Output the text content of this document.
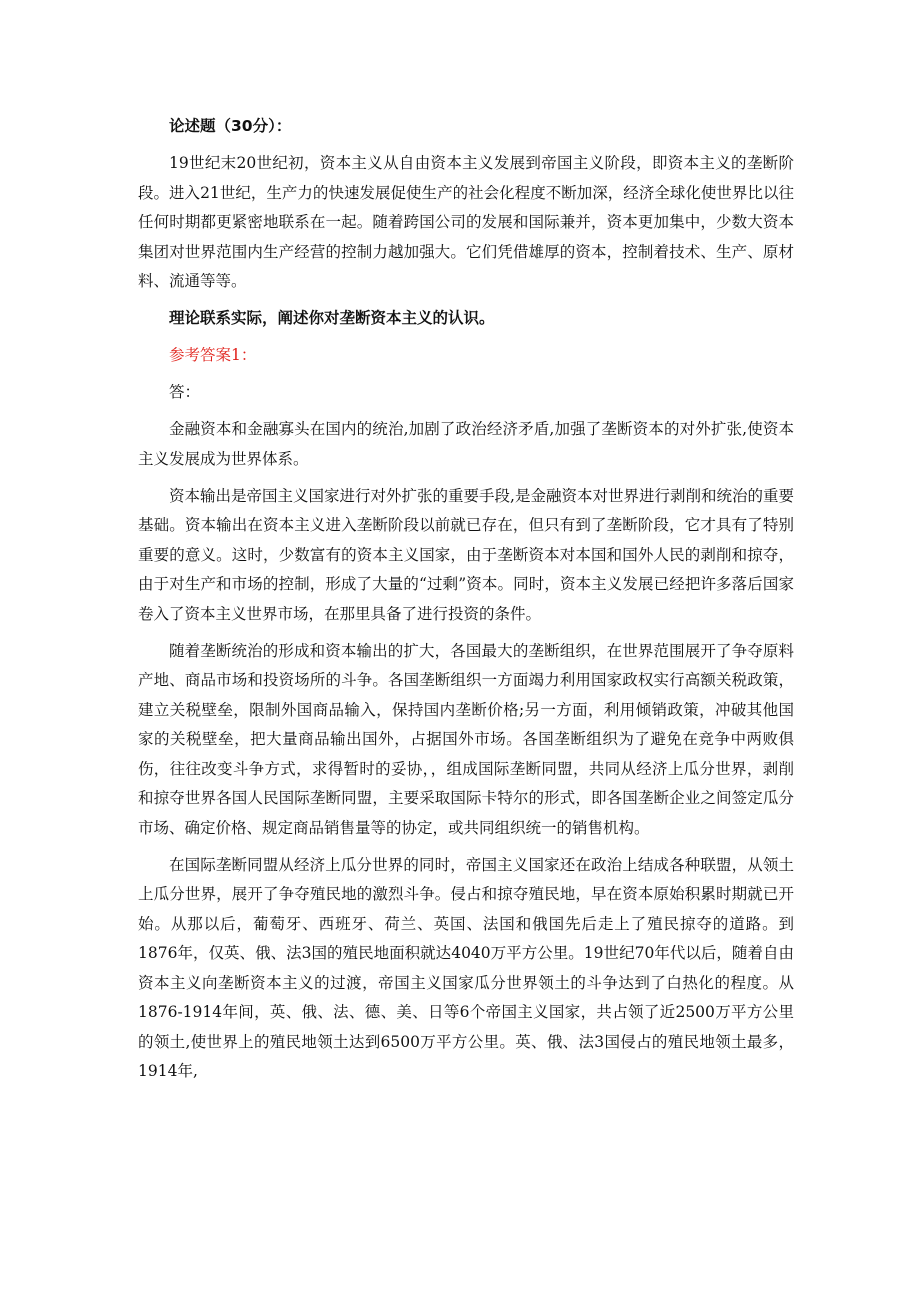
论述题（30分）：
19世纪末20世纪初，资本主义从自由资本主义发展到帝国主义阶段，即资本主义的垄断阶段。进入21世纪，生产力的快速发展促使生产的社会化程度不断加深，经济全球化使世界比以往任何时期都更紧密地联系在一起。随着跨国公司的发展和国际兼并，资本更加集中，少数大资本集团对世界范围内生产经营的控制力越加强大。它们凭借雄厚的资本，控制着技术、生产、原材料、流通等等。
理论联系实际，阐述你对垄断资本主义的认识。
参考答案1：
答：
金融资本和金融寡头在国内的统治,加剧了政治经济矛盾,加强了垄断资本的对外扩张,使资本主义发展成为世界体系。
资本输出是帝国主义国家进行对外扩张的重要手段,是金融资本对世界进行剥削和统治的重要基础。资本输出在资本主义进入垄断阶段以前就已存在，但只有到了垄断阶段，它才具有了特别重要的意义。这时，少数富有的资本主义国家，由于垄断资本对本国和国外人民的剥削和掠夺，由于对生产和市场的控制，形成了大量的“过剩”资本。同时，资本主义发展已经把许多落后国家卷入了资本主义世界市场，在那里具备了进行投资的条件。
随着垄断统治的形成和资本输出的扩大，各国最大的垄断组织，在世界范围展开了争夺原料产地、商品市场和投资场所的斗争。各国垄断组织一方面竭力利用国家政权实行高额关税政策，建立关税壁垒，限制外国商品输入，保持国内垄断价格;另一方面，利用倾销政策，冲破其他国家的关税壁垒，把大量商品输出国外，占据国外市场。各国垄断组织为了避免在竞争中两败俱伤，往往改变斗争方式，求得暂时的妥协，，组成国际垄断同盟，共同从经济上瓜分世界，剥削和掠夺世界各国人民国际垄断同盟，主要采取国际卡特尔的形式，即各国垄断企业之间签定瓜分市场、确定价格、规定商品销售量等的协定，或共同组织统一的销售机构。
在国际垄断同盟从经济上瓜分世界的同时，帝国主义国家还在政治上结成各种联盟，从领土上瓜分世界，展开了争夺殖民地的激烈斗争。侵占和掠夺殖民地，早在资本原始积累时期就已开始。从那以后，葡萄牙、西班牙、荷兰、英国、法国和俄国先后走上了殖民掠夺的道路。到1876年，仅英、俄、法3国的殖民地面积就达4040万平方公里。19世纪70年代以后，随着自由资本主义向垄断资本主义的过渡，帝国主义国家瓜分世界领土的斗争达到了白热化的程度。从1876-1914年间，英、俄、法、德、美、日等6个帝国主义国家，共占领了近2500万平方公里的领土,使世界上的殖民地领土达到6500万平方公里。英、俄、法3国侵占的殖民地领土最多，1914年,
